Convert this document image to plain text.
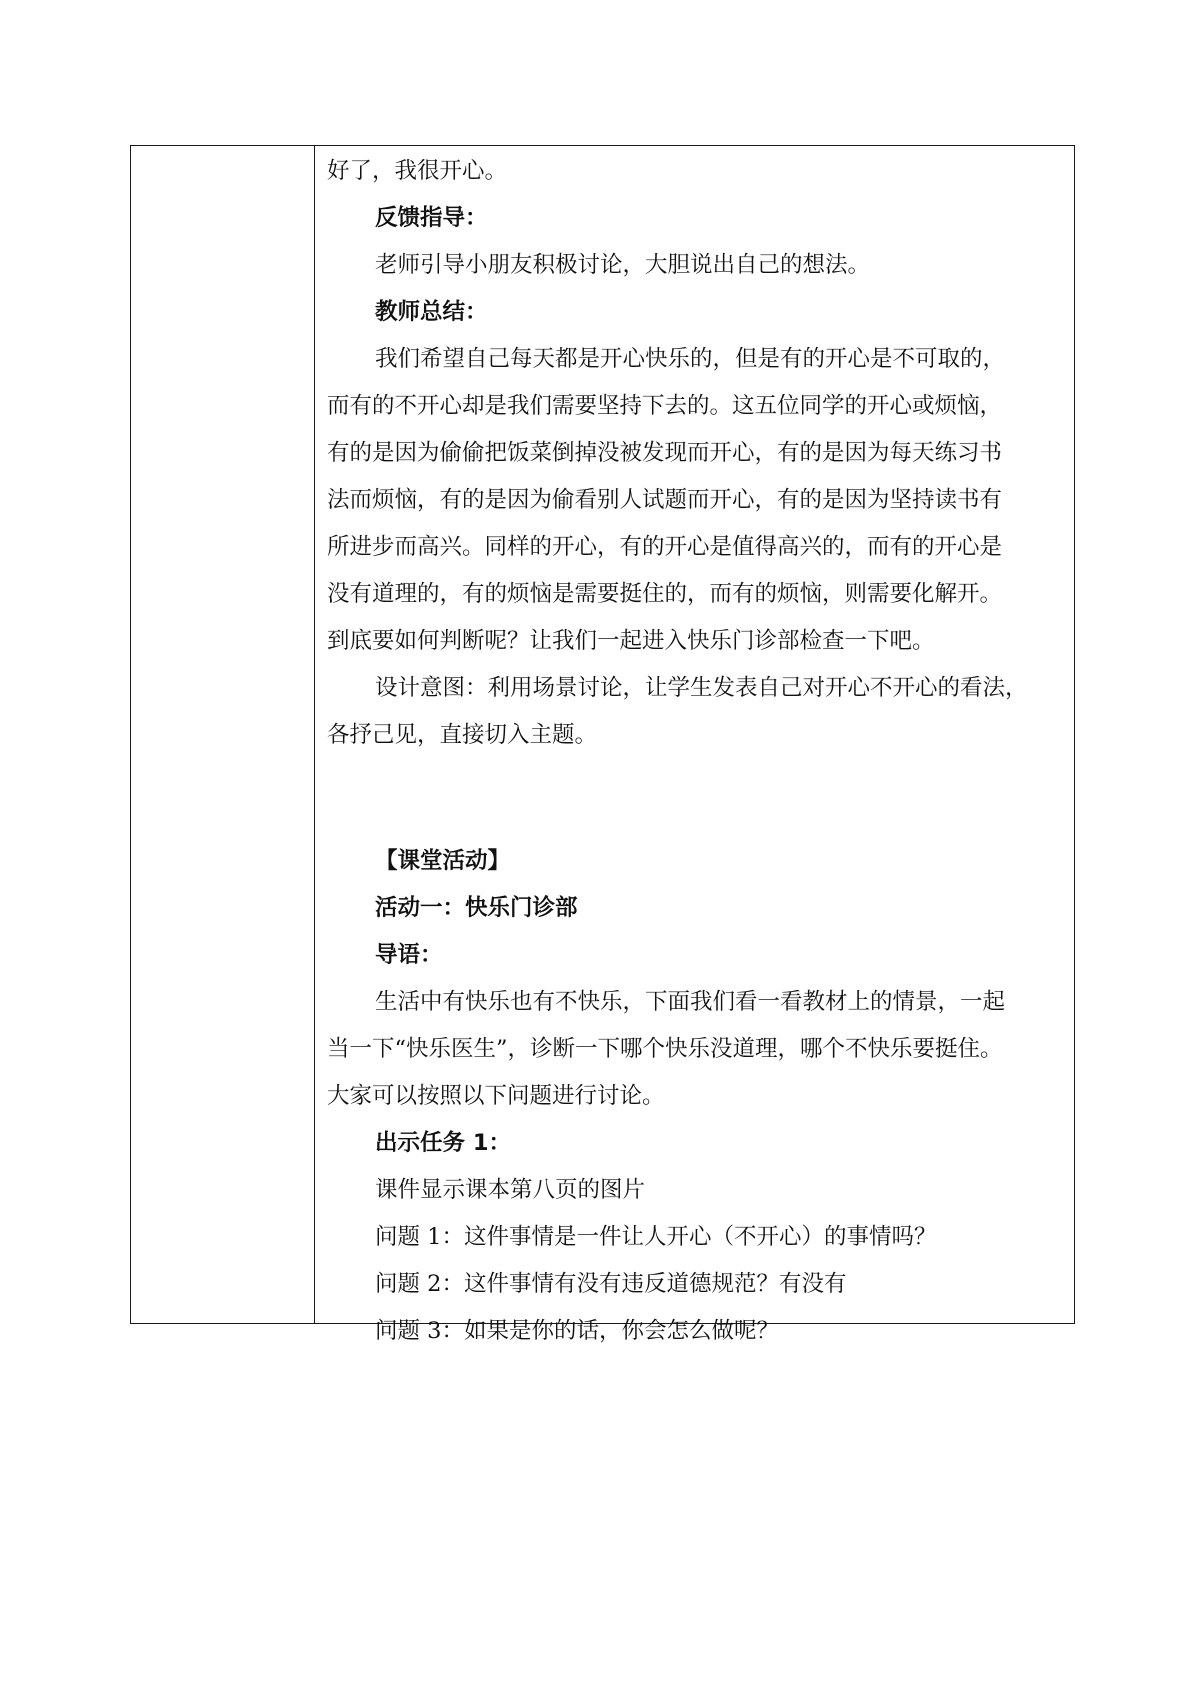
好了，我很开心。

反馈指导：

老师引导小朋友积极讨论，大胆说出自己的想法。

教师总结：

我们希望自己每天都是开心快乐的，但是有的开心是不可取的，

而有的不开心却是我们需要坚持下去的。这五位同学的开心或烦恼，

有的是因为偷偷把饭菜倒掉没被发现而开心，有的是因为每天练习书

法而烦恼，有的是因为偷看别人试题而开心，有的是因为坚持读书有

所进步而高兴。同样的开心，有的开心是值得高兴的，而有的开心是

没有道理的，有的烦恼是需要挺住的，而有的烦恼，则需要化解开。

到底要如何判断呢？让我们一起进入快乐门诊部检查一下吧。

设计意图：利用场景讨论，让学生发表自己对开心不开心的看法，

各抒己见，直接切入主题。

【课堂活动】

活动一：快乐门诊部

导语：

生活中有快乐也有不快乐，下面我们看一看教材上的情景，一起

当一下“快乐医生”，诊断一下哪个快乐没道理，哪个不快乐要挺住。

大家可以按照以下问题进行讨论。

出示任务 1：

课件显示课本第八页的图片

问题 1：这件事情是一件让人开心（不开心）的事情吗？

问题 2：这件事情有没有违反道德规范？有没有

问题 3：如果是你的话，你会怎么做呢？
